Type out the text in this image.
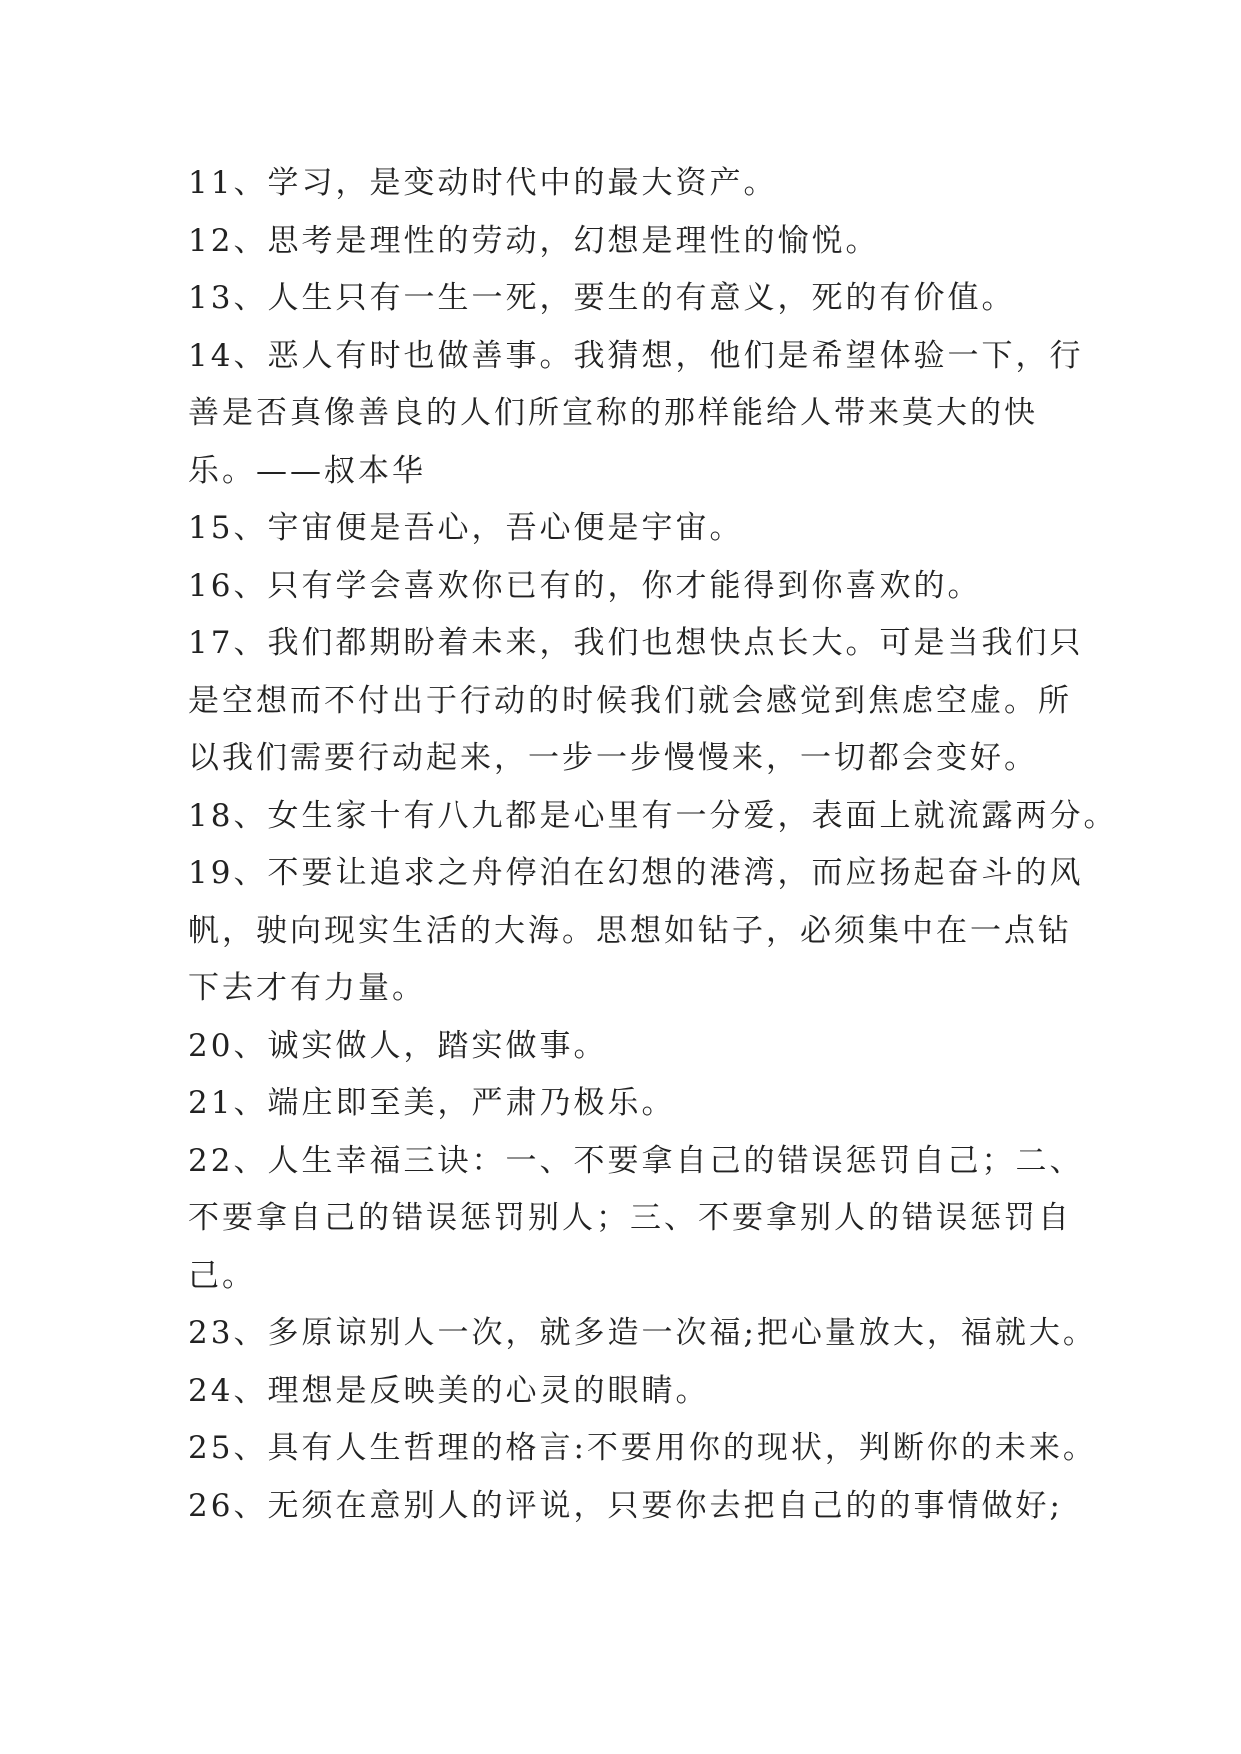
11、学习，是变动时代中的最大资产。
12、思考是理性的劳动，幻想是理性的愉悦。
13、人生只有一生一死，要生的有意义，死的有价值。
14、恶人有时也做善事。我猜想，他们是希望体验一下，行
善是否真像善良的人们所宣称的那样能给人带来莫大的快
乐。——叔本华
15、宇宙便是吾心，吾心便是宇宙。
16、只有学会喜欢你已有的，你才能得到你喜欢的。
17、我们都期盼着未来，我们也想快点长大。可是当我们只
是空想而不付出于行动的时候我们就会感觉到焦虑空虚。所
以我们需要行动起来，一步一步慢慢来，一切都会变好。
18、女生家十有八九都是心里有一分爱，表面上就流露两分。
19、不要让追求之舟停泊在幻想的港湾，而应扬起奋斗的风
帆，驶向现实生活的大海。思想如钻子，必须集中在一点钻
下去才有力量。
20、诚实做人，踏实做事。
21、端庄即至美，严肃乃极乐。
22、人生幸福三诀：一、不要拿自己的错误惩罚自己；二、
不要拿自己的错误惩罚别人；三、不要拿别人的错误惩罚自
己。
23、多原谅别人一次，就多造一次福;把心量放大，福就大。
24、理想是反映美的心灵的眼睛。
25、具有人生哲理的格言:不要用你的现状，判断你的未来。
26、无须在意别人的评说，只要你去把自己的的事情做好;
